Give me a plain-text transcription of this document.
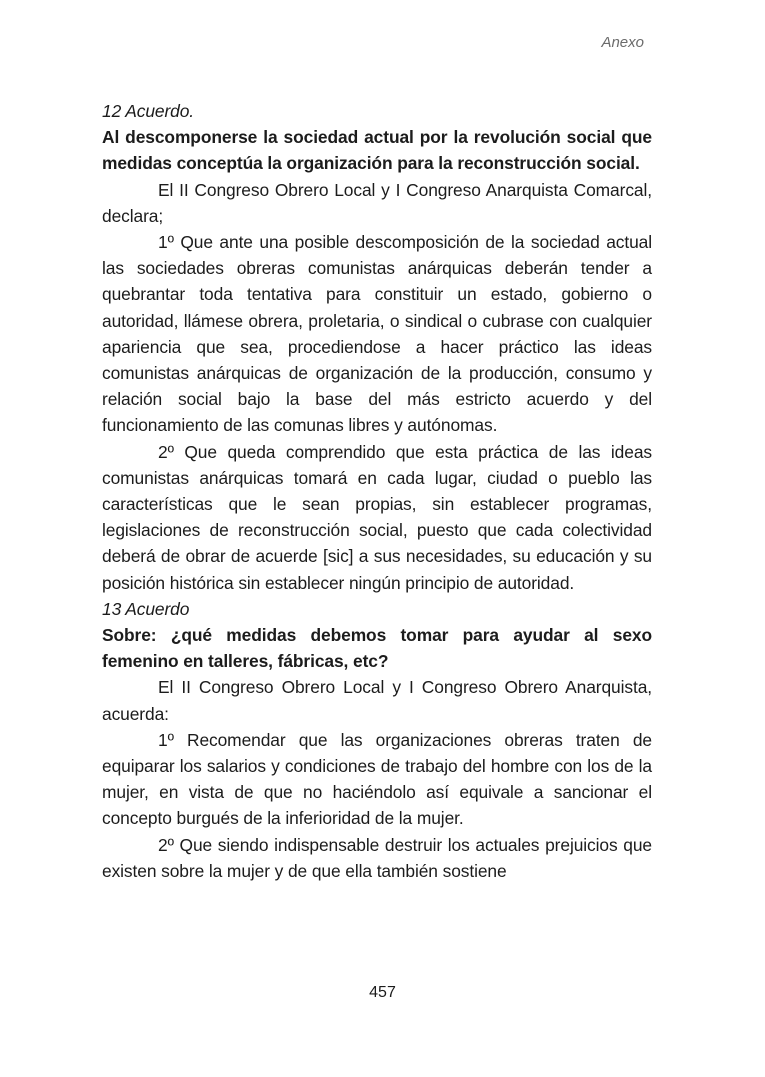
Anexo

12 Acuerdo.

Al descomponerse la sociedad actual por la revolución social que medidas conceptúa la organización para la reconstrucción social.

El II Congreso Obrero Local y I Congreso Anarquista Comarcal, declara;

1º Que ante una posible descomposición de la sociedad actual las sociedades obreras comunistas anárquicas deberán tender a quebrantar toda tentativa para constituir un estado, gobierno o autoridad, llámese obrera, proletaria, o sindical o cubrase con cualquier apariencia que sea, procediendose a hacer práctico las ideas comunistas anárquicas de organización de la producción, consumo y relación social bajo la base del más estricto acuerdo y del funcionamiento de las comunas libres y autónomas.

2º Que queda comprendido que esta práctica de las ideas comunistas anárquicas tomará en cada lugar, ciudad o pueblo las características que le sean propias, sin establecer programas, legislaciones de reconstrucción social, puesto que cada colectividad deberá de obrar de acuerde [sic] a sus necesidades, su educación y su posición histórica sin establecer ningún principio de autoridad.

13 Acuerdo

Sobre: ¿qué medidas debemos tomar para ayudar al sexo femenino en talleres, fábricas, etc?

El II Congreso Obrero Local y I Congreso Obrero Anarquista, acuerda:

1º Recomendar que las organizaciones obreras traten de equiparar los salarios y condiciones de trabajo del hombre con los de la mujer, en vista de que no haciéndolo así equivale a sancionar el concepto burgués de la inferioridad de la mujer.

2º Que siendo indispensable destruir los actuales prejuicios que existen sobre la mujer y de que ella también sostiene

457
